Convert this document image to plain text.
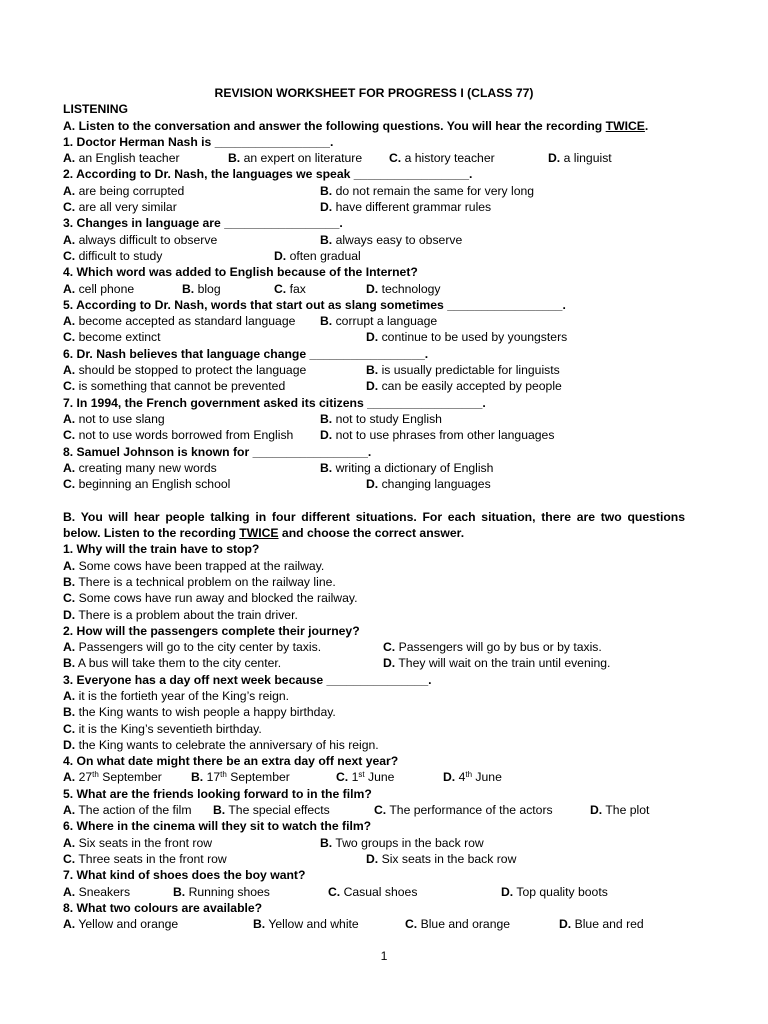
REVISION WORKSHEET FOR PROGRESS I (CLASS 77)
LISTENING
A. Listen to the conversation and answer the following questions. You will hear the recording TWICE.
1. Doctor Herman Nash is _________________.
A. an English teacher	B. an expert on literature C. a history teacher	D. a linguist
2. According to Dr. Nash, the languages we speak _________________.
A. are being corrupted	B. do not remain the same for very long
C. are all very similar	D. have different grammar rules
3. Changes in language are _________________.
A. always difficult to observe	B. always easy to observe
C. difficult to study	D. often gradual
4. Which word was added to English because of the Internet?
A. cell phone	B. blog	C. fax	D. technology
5. According to Dr. Nash, words that start out as slang sometimes _________________.
A. become accepted as standard language B. corrupt a language
C. become extinct	D. continue to be used by youngsters
6. Dr. Nash believes that language change _________________.
A. should be stopped to protect the language	B. is usually predictable for linguists
C. is something that cannot be prevented	D. can be easily accepted by people
7. In 1994, the French government asked its citizens _________________.
A. not to use slang	B. not to study English
C. not to use words borrowed from English D. not to use phrases from other languages
8. Samuel Johnson is known for _________________.
A. creating many new words	B. writing a dictionary of English
C. beginning an English school	D. changing languages
B. You will hear people talking in four different situations. For each situation, there are two questions
below. Listen to the recording TWICE and choose the correct answer.
1. Why will the train have to stop?
A. Some cows have been trapped at the railway.
B. There is a technical problem on the railway line.
C. Some cows have run away and blocked the railway.
D. There is a problem about the train driver.
2. How will the passengers complete their journey?
A. Passengers will go to the city center by taxis.	C. Passengers will go by bus or by taxis.
B. A bus will take them to the city center.	D. They will wait on the train until evening.
3. Everyone has a day off next week because _______________.
A. it is the fortieth year of the King’s reign.
B. the King wants to wish people a happy birthday.
C. it is the King’s seventieth birthday.
D. the King wants to celebrate the anniversary of his reign.
4. On what date might there be an extra day off next year?
A. 27th September B. 17th September	C. 1st June	D. 4th June
5. What are the friends looking forward to in the film?
A. The action of the film B. The special effects	C. The performance of the actors	D. The plot
6. Where in the cinema will they sit to watch the film?
A. Six seats in the front row	B. Two groups in the back row
C. Three seats in the front row	D. Six seats in the back row
7. What kind of shoes does the boy want?
A. Sneakers	B. Running shoes	C. Casual shoes	D. Top quality boots
8. What two colours are available?
A. Yellow and orange	B. Yellow and white	C. Blue and orange	D. Blue and red
1
